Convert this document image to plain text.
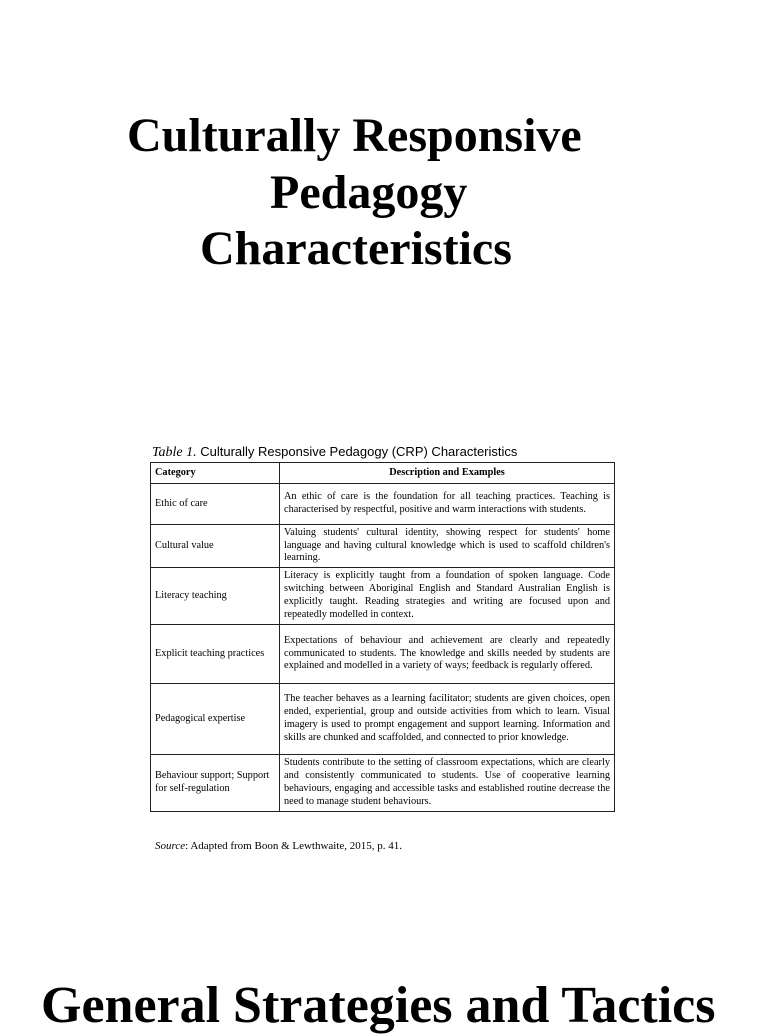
Culturally Responsive
Pedagogy
Characteristics
Table 1. Culturally Responsive Pedagogy (CRP) Characteristics
Category	Description and Examples
Ethic of care	An ethic of care is the foundation for all teaching practices. Teaching is characterised by respectful, positive and warm interactions with students.
Cultural value	Valuing students' cultural identity, showing respect for students' home language and having cultural knowledge which is used to scaffold children's learning.
Literacy teaching	Literacy is explicitly taught from a foundation of spoken language. Code switching between Aboriginal English and Standard Australian English is explicitly taught. Reading strategies and writing are focused upon and repeatedly modelled in context.
Explicit teaching practices	Expectations of behaviour and achievement are clearly and repeatedly communicated to students. The knowledge and skills needed by students are explained and modelled in a variety of ways; feedback is regularly offered.
Pedagogical expertise	The teacher behaves as a learning facilitator; students are given choices, open ended, experiential, group and outside activities from which to learn. Visual imagery is used to prompt engagement and support learning. Information and skills are chunked and scaffolded, and connected to prior knowledge.
Behaviour support; Support for self-regulation	Students contribute to the setting of classroom expectations, which are clearly and consistently communicated to students. Use of cooperative learning behaviours, engaging and accessible tasks and established routine decrease the need to manage student behaviours.
Source: Adapted from Boon & Lewthwaite, 2015, p. 41.
General Strategies and Tactics
